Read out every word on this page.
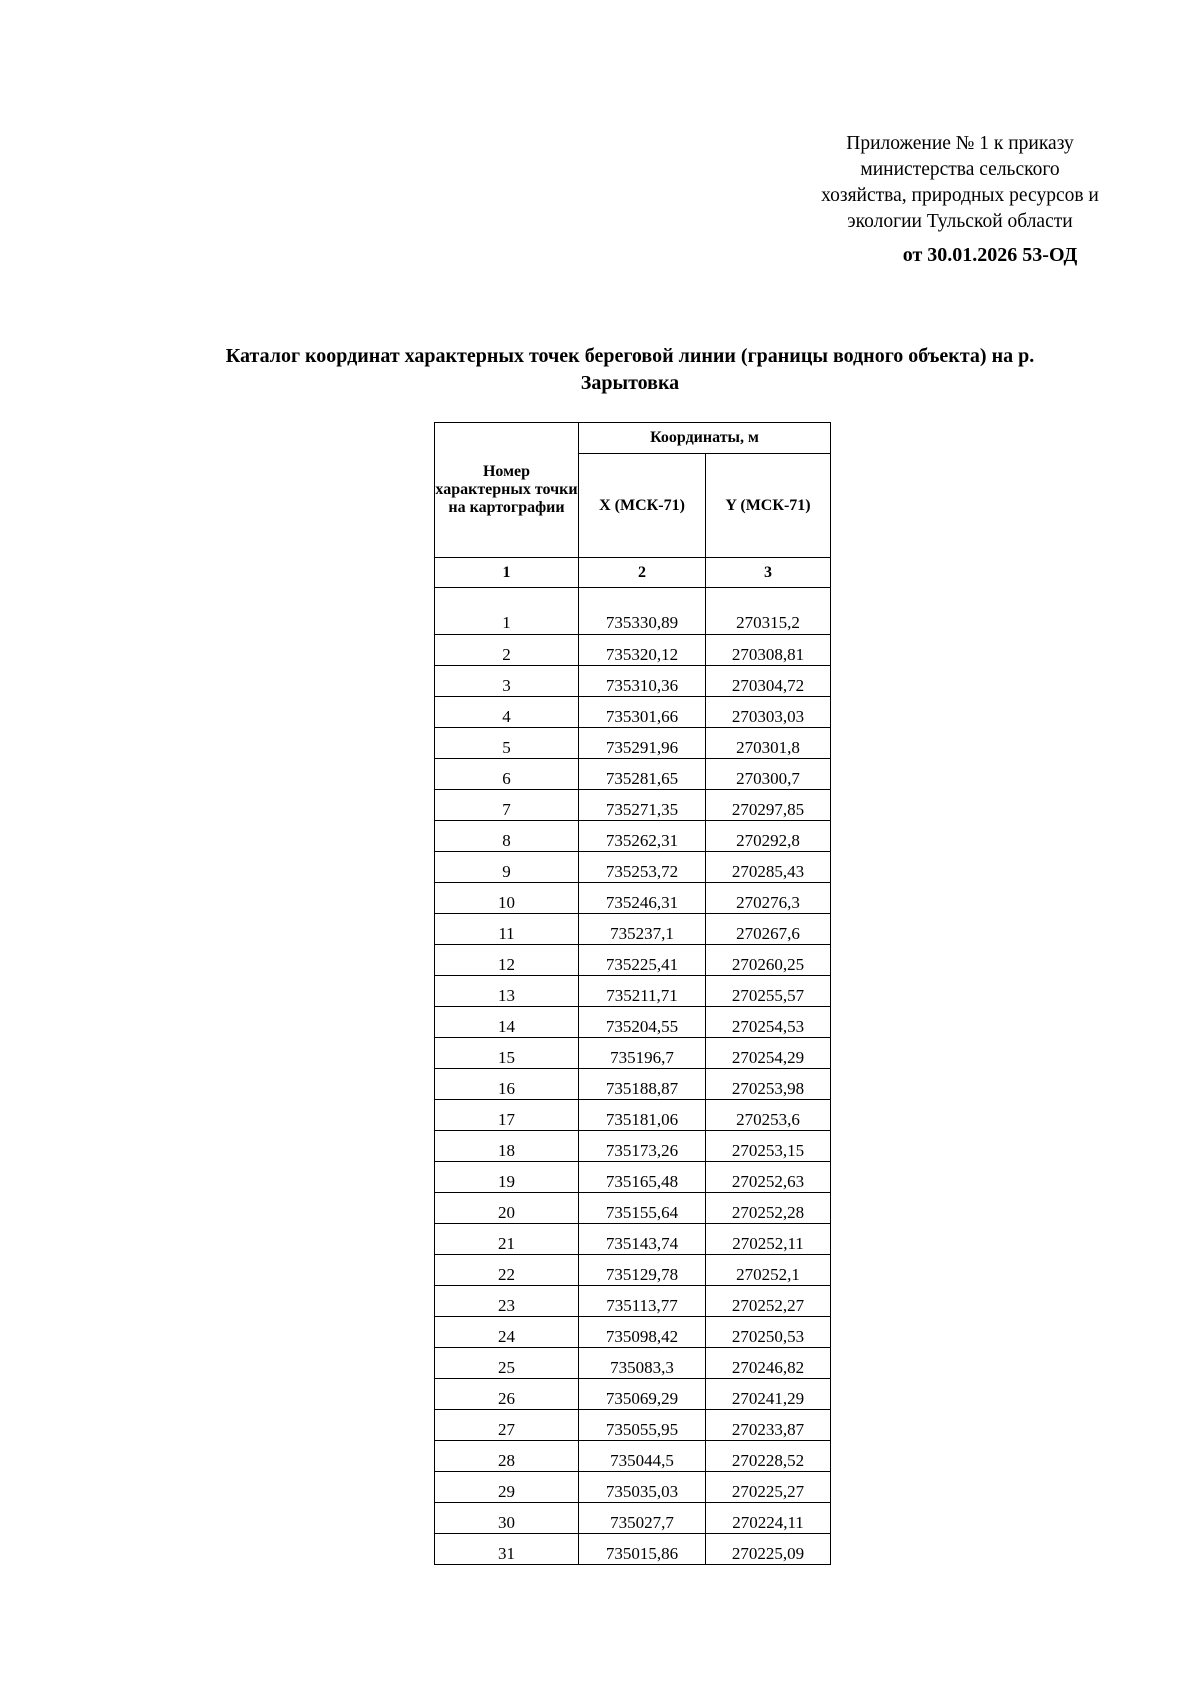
Приложение № 1 к приказу
министерства сельского
хозяйства, природных ресурсов и
экологии Тульской области
от 30.01.2026 53-ОД
Каталог координат характерных точек береговой линии (границы водного объекта) на р.
Зарытовка
Номер характерных точки на картографии	Координаты, м	
	X (МСК-71)	Y (МСК-71)
1	2	3
1	735330,89	270315,2
2	735320,12	270308,81
3	735310,36	270304,72
4	735301,66	270303,03
5	735291,96	270301,8
6	735281,65	270300,7
7	735271,35	270297,85
8	735262,31	270292,8
9	735253,72	270285,43
10	735246,31	270276,3
11	735237,1	270267,6
12	735225,41	270260,25
13	735211,71	270255,57
14	735204,55	270254,53
15	735196,7	270254,29
16	735188,87	270253,98
17	735181,06	270253,6
18	735173,26	270253,15
19	735165,48	270252,63
20	735155,64	270252,28
21	735143,74	270252,11
22	735129,78	270252,1
23	735113,77	270252,27
24	735098,42	270250,53
25	735083,3	270246,82
26	735069,29	270241,29
27	735055,95	270233,87
28	735044,5	270228,52
29	735035,03	270225,27
30	735027,7	270224,11
31	735015,86	270225,09
